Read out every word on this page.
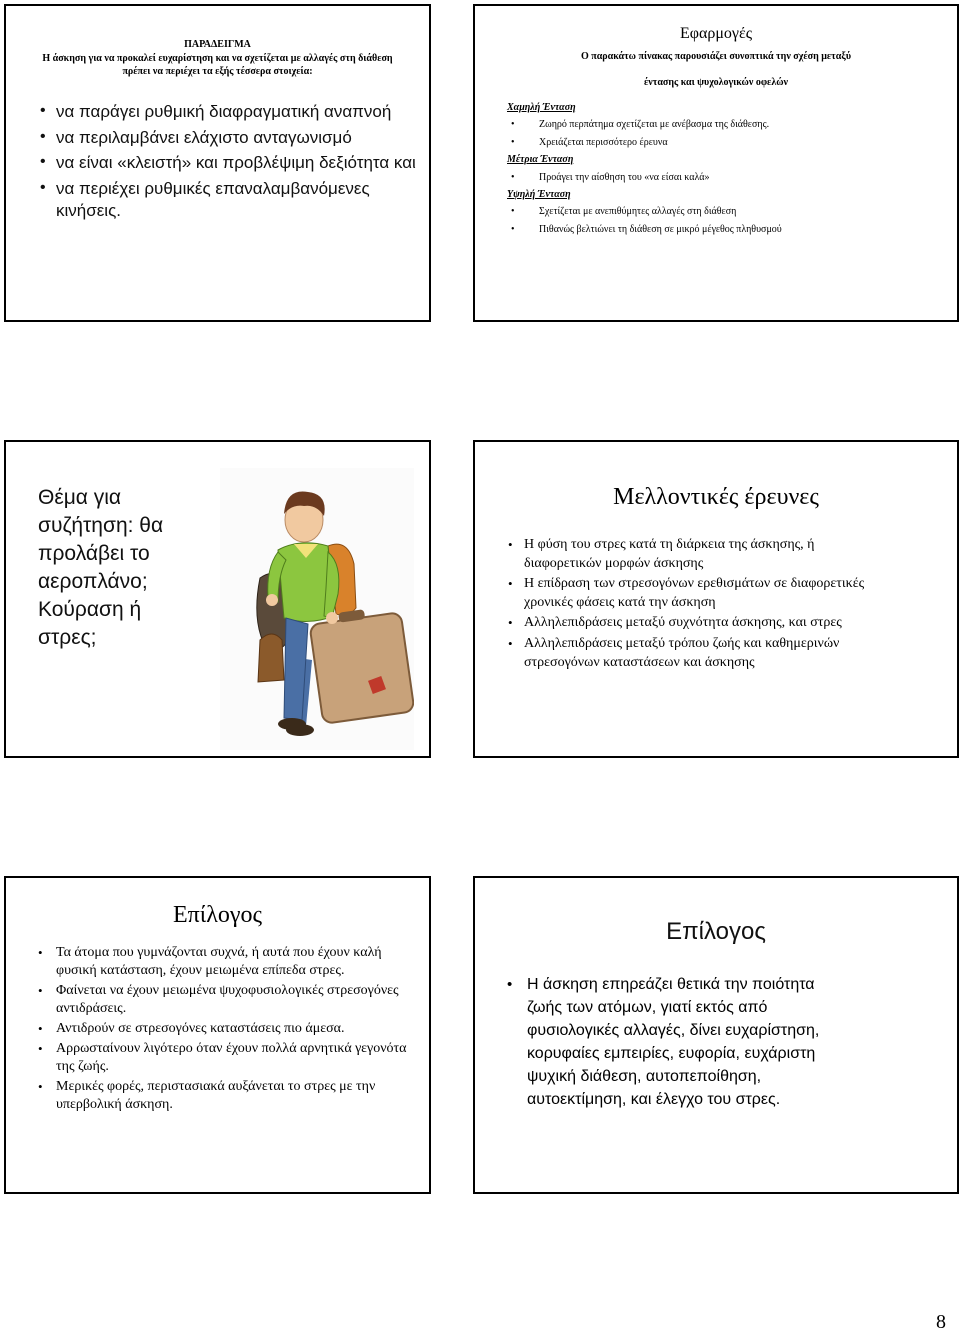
ΠΑΡΑΔΕΙΓΜΑ

Η άσκηση για να προκαλεί ευχαρίστηση και να σχετίζεται με αλλαγές στη διάθεση πρέπει να περιέχει τα εξής τέσσερα στοιχεία:

• να παράγει ρυθμική διαφραγματική αναπνοή
• να περιλαμβάνει ελάχιστο ανταγωνισμό
• να είναι «κλειστή» και προβλέψιμη δεξιότητα και
• να περιέχει ρυθμικές επαναλαμβανόμενες κινήσεις.

Εφαρμογές

Ο παρακάτω πίνακας παρουσιάζει συνοπτικά την σχέση μεταξύ

έντασης και ψυχολογικών οφελών

Χαμηλή Ένταση
• Ζωηρό περπάτημα σχετίζεται με ανέβασμα της διάθεσης.
• Χρειάζεται περισσότερο έρευνα
Μέτρια Ένταση
• Προάγει την αίσθηση του «να είσαι καλά»
Υψηλή Ένταση
• Σχετίζεται με ανεπιθύμητες αλλαγές στη διάθεση
• Πιθανώς βελτιώνει τη διάθεση σε μικρό μέγεθος πληθυσμού

Θέμα για συζήτηση: θα προλάβει το αεροπλάνο; Κούραση ή στρες;

Μελλοντικές έρευνες

• Η φύση του στρες κατά τη διάρκεια της άσκησης, ή διαφορετικών μορφών άσκησης
• Η επίδραση των στρεσογόνων ερεθισμάτων σε διαφορετικές χρονικές φάσεις κατά την άσκηση
• Αλληλεπιδράσεις μεταξύ συχνότητα άσκησης, και στρες
• Αλληλεπιδράσεις μεταξύ τρόπου ζωής και καθημερινών στρεσογόνων καταστάσεων και άσκησης

Επίλογος

• Τα άτομα που γυμνάζονται συχνά, ή αυτά που έχουν καλή φυσική κατάσταση, έχουν μειωμένα επίπεδα στρες.
• Φαίνεται να έχουν μειωμένα ψυχοφυσιολογικές στρεσογόνες αντιδράσεις.
• Αντιδρούν σε στρεσογόνες καταστάσεις πιο άμεσα.
• Αρρωσταίνουν λιγότερο όταν έχουν πολλά αρνητικά γεγονότα της ζωής.
• Μερικές φορές, περιστασιακά αυξάνεται το στρες με την υπερβολική άσκηση.

Επίλογος

• Η άσκηση επηρεάζει θετικά την ποιότητα ζωής των ατόμων, γιατί εκτός από φυσιολογικές αλλαγές, δίνει ευχαρίστηση, κορυφαίες εμπειρίες, ευφορία, ευχάριστη ψυχική διάθεση, αυτοπεποίθηση, αυτοεκτίμηση, και έλεγχο του στρες.
8
